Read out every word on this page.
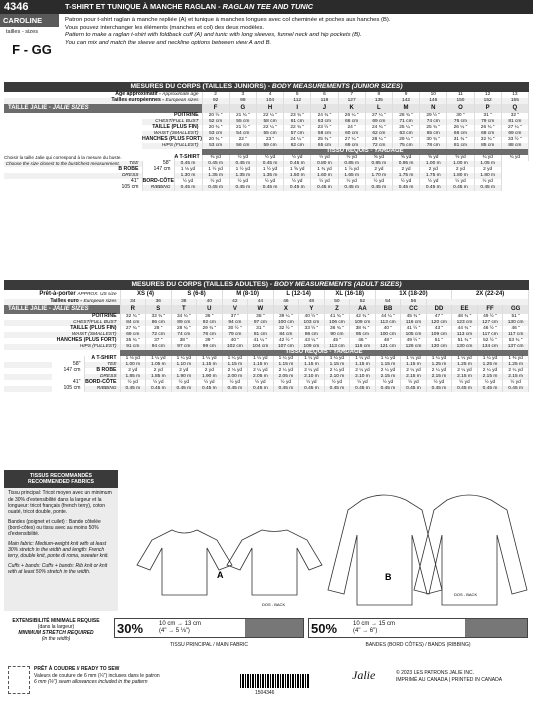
4346
CAROLINE
tailles - sizes
F - GG
T-SHIRT ET TUNIQUE À MANCHE RAGLAN - RAGLAN TEE AND TUNIC
Patron pour t-shirt raglan à manche repliée (A) et tunique à manches longues avec col cheminée et poches aux hanches (B).
Vous pouvez interchanger les éléments (manches et col) des deux modèles.
Pattern to make a raglan t-shirt with foldback cuff (A) and tunic with long sleeves, funnel neck and hip pockets (B).
You can mix and match the sleeve and neckline options between view A and B.
MESURES DU CORPS (TAILLES JUNIORS) - BODY MEASUREMENTS (JUNIOR SIZES)
Âge approximatif - Approximate age			2	3	4	5	6	7	8	9	10	11	12	13
Tailles européennes - European sizes			92	98	104	112	119	127	135	142	146	150	152	155
TAILLE JALIE - JALIE SIZES			F	G	H	I	J	K	L	M	N	O	P	Q
	POITRINE		20 ½ "	21 ¾ "	22 ¼ "	23 ¾ "	24 ¾ "	26 ¼ "	27 ¼ "	28 ¾ "	29 ½ "	30 "	31 "	32 "
	CHEST/FULL BUST		52 cm	55 cm	58 cm	61 cm	63 cm	66 cm	69 cm	71 cm	74 cm	76 cm	79 cm	81 cm
	TAILLE (PLUS FIN)		20 ¾ "	21 ½ "	22 ¼ "	22 ¾ "	23 ½ "	24 "	24 ¾ "	25 ¼ "	25 ¾ "	26 ¼ "	26 ¾ "	27 ¼ "
	WAIST (SMALLEST)		53 cm	54 cm	55 cm	57 cm	58 cm	60 cm	62 cm	63 cm	65 cm	66 cm	68 cm	69 cm
	HANCHES (PLUS FORT)		20 ¾ "	22 "	23 "	24 ¼ "	25 ¾ "	27 ¼ "	28 ¼ "	29 ¼ "	30 ¾ "	31 ¾ "	32 ¾ "	33 ½ "
	HIPS (FULLEST)		53 cm	56 cm	59 cm	62 cm	65 cm	69 cm	72 cm	75 cm	78 cm	81 cm	85 cm	88 cm
			TISSU REQUIS - YARDAGE											

Choisir la taille Jalie qui correspond à la mesure du buste.
Choose the size closest to the bust/chest measurement.	58"
147 cm	A T-SHIRT	⅜ yd	½ yd	½ yd	½ yd	½ yd	½ yd	⅝ yd	⅝ yd	⅝ yd	⅝ yd	¾ yd	¾ yd
TEE		0.45 m	0.45 m	0.45 m	0.45 m	0.45 m	0.80 m	0.85 m	0.85 m	0.95 m	1.00 m	1.00 m	1.05 m	
B ROBE		1 ⅛ yd	1 ½ yd	1 ½ yd	1 ½ yd	1 ⅝ yd	1 ¾ yd	1 ⅞ yd	2 yd	2 yd	2 yd	2 yd	2 yd	
DRESS		1.30 m	1.35 m	1.35 m	1.35 m	1.50 m	1.60 m	1.65 m	1.70 m	1.75 m	1.75 m	1.80 m	1.80 m	
41"
105 cm	BORD-CÔTE	½ yd	½ yd	½ yd	½ yd	½ yd	½ yd	½ yd	½ yd	½ yd	½ yd	½ yd	½ yd	
	RIBBING	0.45 m	0.45 m	0.45 m	0.45 m	0.45 m	0.45 m	0.45 m	0.45 m	0.45 m	0.45 m	0.45 m	0.45 m	
MESURES DU CORPS (TAILLES ADULTES) - BODY MEASUREMENTS (ADULT SIZES)
Prêt-à-porter APPROX. US size			XS (4)		S (6-8)		M (8-10)		L (12-14)		XL (16-18)		1X (18-20)			2X (22-24)		
Tailles euro - European sizes			34	36	38	40	42	44	46	48	50	52	54	56				
TAILLE JALIE - JALIE SIZES			R	S	T	U	V	W	X	Y	Z	AA	BB	CC	DD	EE	FF	GG
	POITRINE		32 ¾ "	33 ¾ "	34 ¾ "	36 "	37 "	38 "	39 ¼ "	40 ½ "	41 ¾ "	42 ¾ "	44 ¼ "	45 ¾ "	47 "	48 ¾ "	49 ½ "	51 "
	CHEST/FULL BUST		84 cm	86 cm	89 cm	92 cm	94 cm	97 cm	100 cm	103 cm	106 cm	109 cm	113 cm	116 cm	120 cm	123 cm	127 cm	130 cm
	TAILLE (PLUS FIN)		27 ¾ "	28 "	28 ¾ "	29 ¾ "	30 ½ "	31 "	32 ½ "	33 ½ "	36 ¾ "	38 ¾ "	40 "	41 ½ "	43 "	44 ¾ "	46 ½ "	46 "
	WAIST (SMALLEST)		69 cm	72 cm	74 cm	76 cm	79 cm	81 cm	84 cm	86 cm	90 cm	95 cm	100 cm	105 cm	109 cm	113 cm	117 cm	117 cm
	HANCHES (PLUS FORT)		35 ¾ "	37 "	38 "	39 "	40 "	41 ¼ "	42 ½ "	43 ¼ "	45 "	46 "	48 "	49 ½ "	51 "	51 ¾ "	52 ½ "	53 ¾ "
	HIPS (FULLEST)		91 cm	94 cm	97 cm	99 cm	102 cm	104 cm	107 cm	109 cm	113 cm	116 cm	121 cm	126 cm	130 cm	130 cm	134 cm	137 cm
			TISSU REQUIS - YARDAGE															
	58"
147 cm	A T-SHIRT	1 ⅛ yd	1 ¼ yd	1 ¼ yd	1 ¼ yd	1 ¼ yd	1 ¼ yd	1 ¼ yd	1 ¼ yd	1 ¼ yd	1 ¼ yd	1 ¼ yd	1 ¼ yd	1 ¼ yd	1 ¼ yd	1 ¼ yd	1 ⅜ yd
		TEE	1.00 m	1.05 m	1.10 m	1.15 m	1.15 m	1.15 m	1.15 m	1.15 m	1.15 m	1.15 m	1.15 m	1.15 m	1.25 m	1.25 m	1.25 m	1.25 m
		B ROBE	2 yd	2 yd	2 yd	2 yd	2 ⅛ yd	2 ¼ yd	2 ¼ yd	2 ¼ yd	2 ¼ yd	2 ¼ yd	2 ¼ yd	2 ¼ yd	2 ¼ yd	2 ¼ yd	2 ¼ yd	2 ¼ yd
		DRESS	1.85 m	1.85 m	1.90 m	1.90 m	2.00 m	2.05 m	2.05 m	2.10 m	2.10 m	2.10 m	2.15 m	2.15 m	2.15 m	2.15 m	2.15 m	2.15 m
	41"
105 cm	BORD-CÔTE	½ yd	½ yd	½ yd	½ yd	½ yd	½ yd	½ yd	½ yd	½ yd	½ yd	½ yd	½ yd	½ yd	½ yd	½ yd	½ yd
		RIBBING	0.45 m	0.45 m	0.45 m	0.45 m	0.45 m	0.45 m	0.45 m	0.45 m	0.45 m	0.45 m	0.45 m	0.45 m	0.45 m	0.45 m	0.45 m	0.45 m
TISSUS RECOMMANDÉS
RECOMMENDED FABRICS

Tissu principal: Tricot moyen avec un minimum de 30% d'extensibilité dans la largeur et la longueur: tricot français (french terry), coton ouaté, tricot double, ponte.

Bandes (poignet et cuilet) : Bande côtelée (bord-côtes) ou tissu avec au moins 50% d'extensibilité.

Main fabric: Medium-weight knit with at least 30% stretch in the width and length: French terry, double knit, ponte di roma, sweater knit.

Cuffs + bands: Cuffs + bands: Rib knit or knit with at least 50% stretch in the width.	A	B
DOS - BACK
DOS - BACK
EXTENSIBILITÉ MINIMALE REQUISE
(dans la largeur)
MINIMUM STRETCH REQUIRED
(in the width)
30%	10 cm → 13 cm
(4" → 5 ⅛")
TISSU PRINCIPAL / MAIN FABRIC
50%	10 cm → 15 cm
(4" → 6")
BANDES (BORD CÔTES) / BANDS (RIBBING)
PRÊT À COUDRE // READY TO SEW
Valeurs de couture de 6 mm (¼") incluses dans le patron
6 mm (¼") seam allowances included in the pattern
1504346
Jalie	© 2023 LES PATRONS JALIE INC.
IMPRIMÉ AU CANADA | PRINTED IN CANADA
